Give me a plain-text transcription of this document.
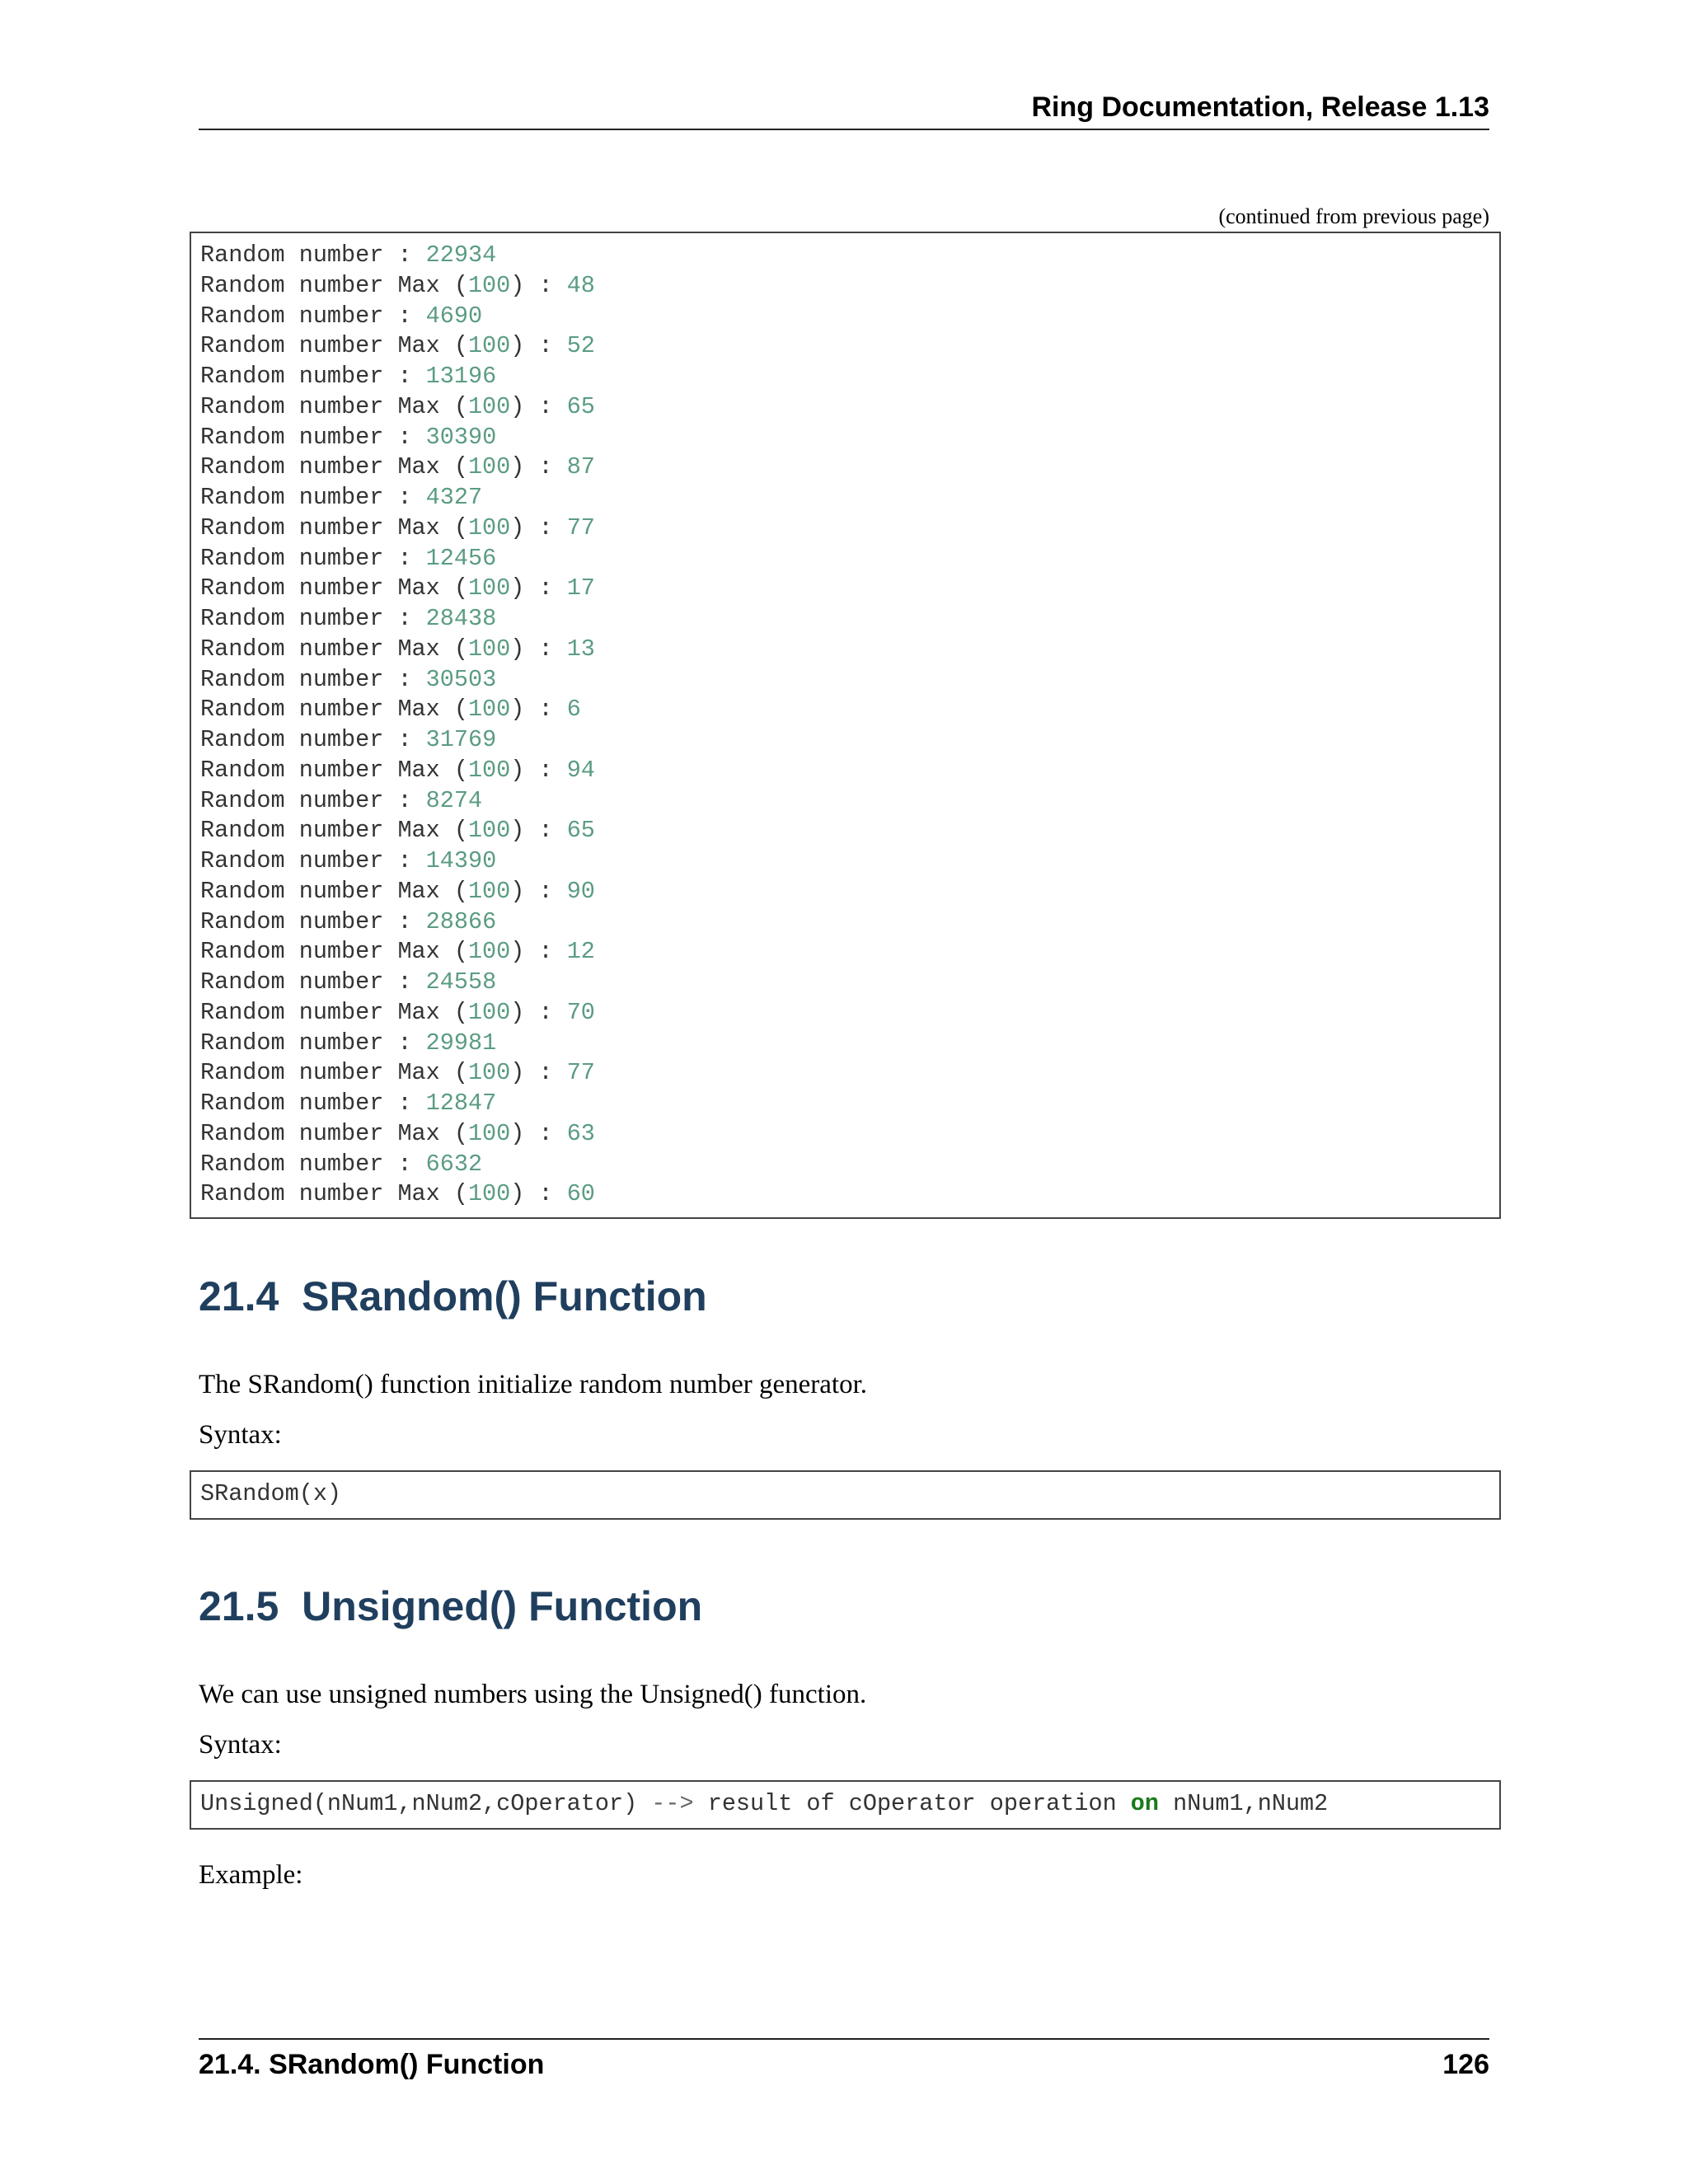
Ring Documentation, Release 1.13
(continued from previous page)
Random number : 22934
Random number Max (100) : 48
Random number : 4690
Random number Max (100) : 52
Random number : 13196
Random number Max (100) : 65
Random number : 30390
Random number Max (100) : 87
Random number : 4327
Random number Max (100) : 77
Random number : 12456
Random number Max (100) : 17
Random number : 28438
Random number Max (100) : 13
Random number : 30503
Random number Max (100) : 6
Random number : 31769
Random number Max (100) : 94
Random number : 8274
Random number Max (100) : 65
Random number : 14390
Random number Max (100) : 90
Random number : 28866
Random number Max (100) : 12
Random number : 24558
Random number Max (100) : 70
Random number : 29981
Random number Max (100) : 77
Random number : 12847
Random number Max (100) : 63
Random number : 6632
Random number Max (100) : 60
21.4 SRandom() Function
The SRandom() function initialize random number generator.
Syntax:
SRandom(x)
21.5 Unsigned() Function
We can use unsigned numbers using the Unsigned() function.
Syntax:
Unsigned(nNum1,nNum2,cOperator) --> result of cOperator operation on nNum1,nNum2
Example:
21.4. SRandom() Function	126
